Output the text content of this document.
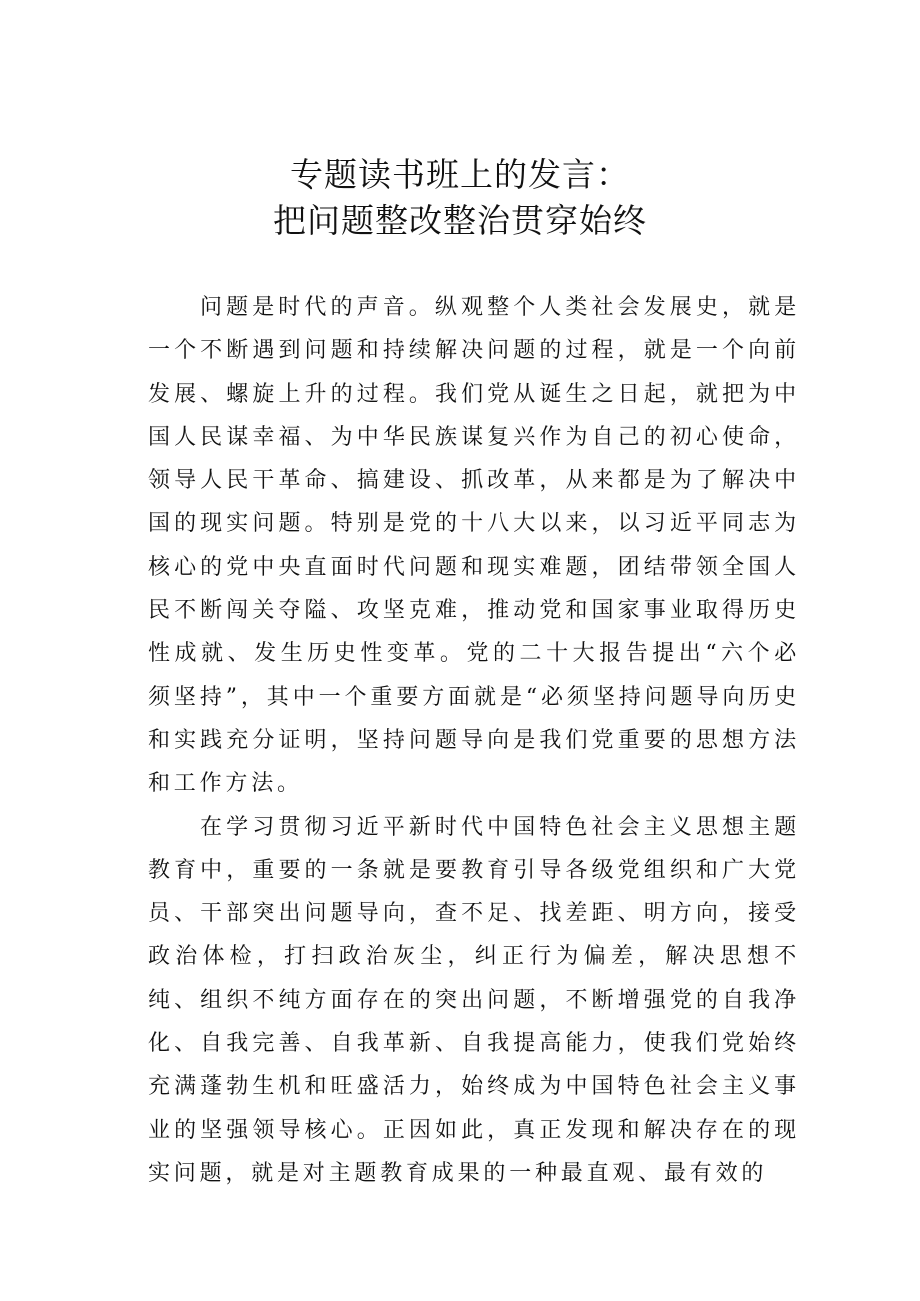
专题读书班上的发言：
把问题整改整治贯穿始终

问题是时代的声音。纵观整个人类社会发展史，就是一个不断遇到问题和持续解决问题的过程，就是一个向前发展、螺旋上升的过程。我们党从诞生之日起，就把为中国人民谋幸福、为中华民族谋复兴作为自己的初心使命，领导人民干革命、搞建设、抓改革，从来都是为了解决中国的现实问题。特别是党的十八大以来，以习近平同志为核心的党中央直面时代问题和现实难题，团结带领全国人民不断闯关夺隘、攻坚克难，推动党和国家事业取得历史性成就、发生历史性变革。党的二十大报告提出“六个必须坚持”，其中一个重要方面就是“必须坚持问题导向历史和实践充分证明，坚持问题导向是我们党重要的思想方法和工作方法。

在学习贯彻习近平新时代中国特色社会主义思想主题教育中，重要的一条就是要教育引导各级党组织和广大党员、干部突出问题导向，查不足、找差距、明方向，接受政治体检，打扫政治灰尘，纠正行为偏差，解决思想不纯、组织不纯方面存在的突出问题，不断增强党的自我净化、自我完善、自我革新、自我提高能力，使我们党始终充满蓬勃生机和旺盛活力，始终成为中国特色社会主义事业的坚强领导核心。正因如此，真正发现和解决存在的现实问题，就是对主题教育成果的一种最直观、最有效的
